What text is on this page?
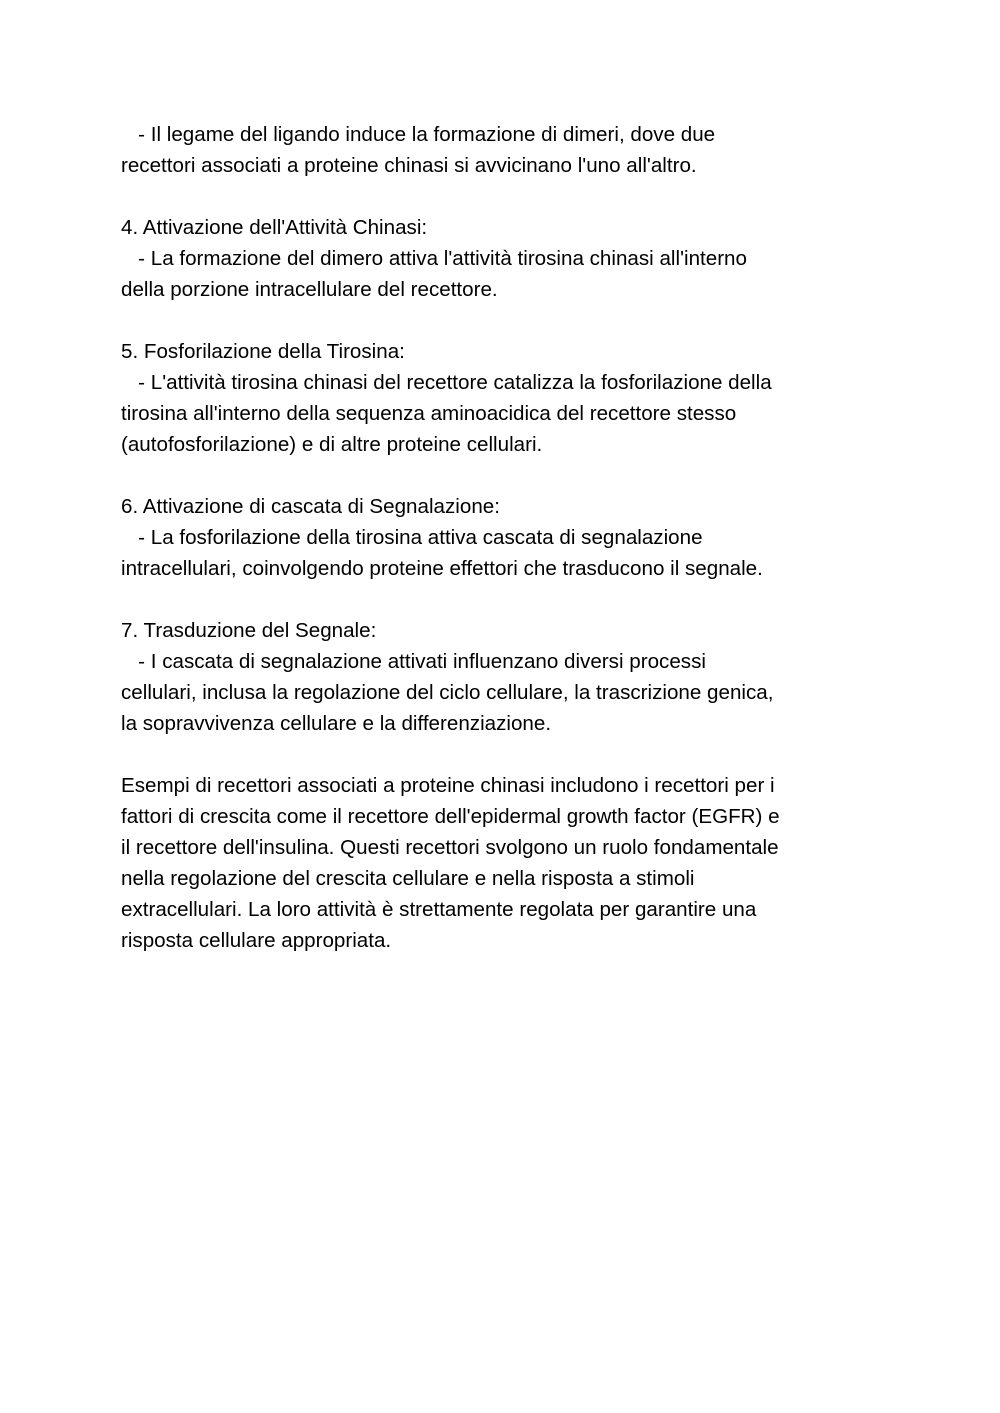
- Il legame del ligando induce la formazione di dimeri, dove due
recettori associati a proteine chinasi si avvicinano l'uno all'altro.
4. Attivazione dell'Attività Chinasi:
- La formazione del dimero attiva l'attività tirosina chinasi all'interno
della porzione intracellulare del recettore.
5. Fosforilazione della Tirosina:
- L'attività tirosina chinasi del recettore catalizza la fosforilazione della
tirosina all'interno della sequenza aminoacidica del recettore stesso
(autofosforilazione) e di altre proteine cellulari.
6. Attivazione di cascata di Segnalazione:
- La fosforilazione della tirosina attiva cascata di segnalazione
intracellulari, coinvolgendo proteine effettori che trasducono il segnale.
7. Trasduzione del Segnale:
- I cascata di segnalazione attivati influenzano diversi processi
cellulari, inclusa la regolazione del ciclo cellulare, la trascrizione genica,
la sopravvivenza cellulare e la differenziazione.
Esempi di recettori associati a proteine chinasi includono i recettori per i
fattori di crescita come il recettore dell'epidermal growth factor (EGFR) e
il recettore dell'insulina. Questi recettori svolgono un ruolo fondamentale
nella regolazione del crescita cellulare e nella risposta a stimoli
extracellulari. La loro attività è strettamente regolata per garantire una
risposta cellulare appropriata.
